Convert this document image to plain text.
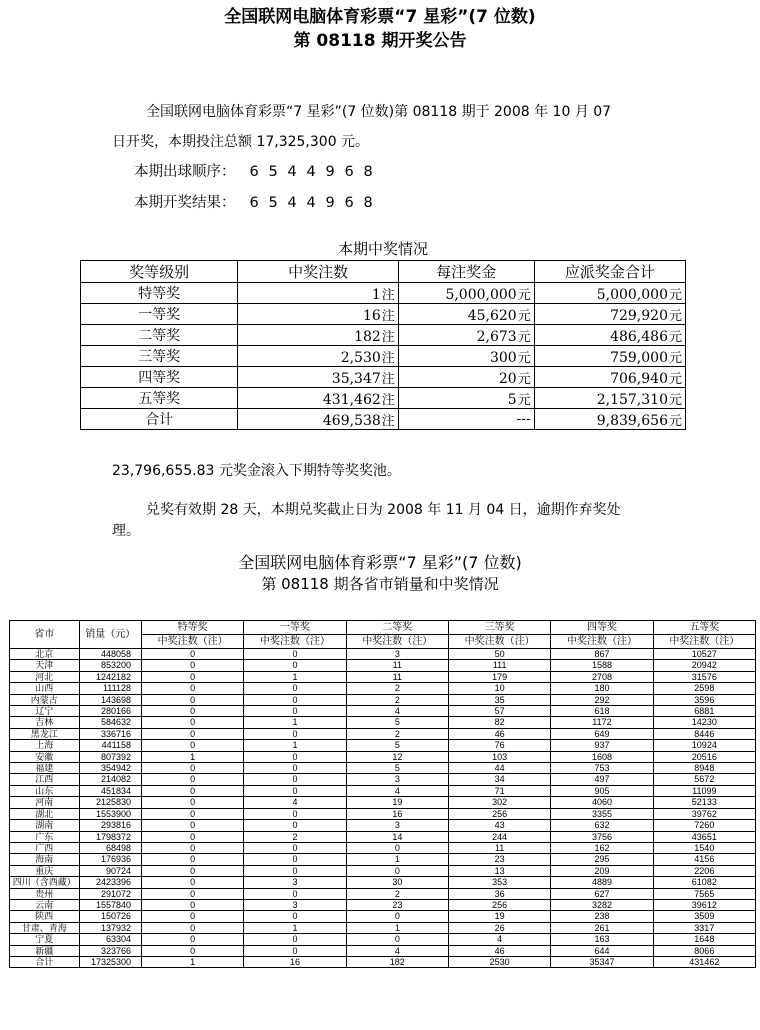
全国联网电脑体育彩票“7 星彩”(7 位数)
第 08118 期开奖公告
全国联网电脑体育彩票“7 星彩”(7 位数)第 08118 期于 2008 年 10 月 07
日开奖，本期投注总额 17,325,300 元。
本期出球顺序： 6 5 4 4 9 6 8
本期开奖结果： 6 5 4 4 9 6 8
本期中奖情况
奖等级别	中奖注数	每注奖金	应派奖金合计
特等奖	1注	5,000,000元	5,000,000元
一等奖	16注	45,620元	729,920元
二等奖	182注	2,673元	486,486元
三等奖	2,530注	300元	759,000元
四等奖	35,347注	20元	706,940元
五等奖	431,462注	5元	2,157,310元
合计	469,538注	---	9,839,656元
23,796,655.83 元奖金滚入下期特等奖奖池。
兑奖有效期 28 天，本期兑奖截止日为 2008 年 11 月 04 日，逾期作弃奖处
理。
全国联网电脑体育彩票“7 星彩”(7 位数)
第 08118 期各省市销量和中奖情况
省市	销量（元）	特等奖	一等奖	二等奖	三等奖	四等奖	五等奖
		中奖注数（注）	中奖注数（注）	中奖注数（注）	中奖注数（注）	中奖注数（注）	中奖注数（注）
北京	448058	0	0	3	50	867	10527
天津	853200	0	0	11	111	1588	20942
河北	1242182	0	1	11	179	2708	31576
山西	111128	0	0	2	10	180	2598
内蒙古	143698	0	0	2	35	292	3596
辽宁	280166	0	0	4	57	618	6881
吉林	584632	0	1	5	82	1172	14230
黑龙江	336716	0	0	2	46	649	8446
上海	441158	0	1	5	76	937	10924
安徽	807392	1	0	12	103	1608	20516
福建	354942	0	0	5	44	753	8948
江西	214082	0	0	3	34	497	5672
山东	451834	0	0	4	71	905	11099
河南	2125830	0	4	19	302	4060	52133
湖北	1553900	0	0	16	256	3355	39762
湖南	293816	0	0	3	43	632	7260
广东	1798372	0	2	14	244	3756	43651
广西	68498	0	0	0	11	162	1540
海南	176936	0	0	1	23	295	4156
重庆	90724	0	0	0	13	209	2206
四川（含西藏）	2423396	0	3	30	353	4889	61082
贵州	291072	0	0	2	36	627	7565
云南	1557840	0	3	23	256	3282	39612
陕西	150726	0	0	0	19	238	3509
甘肃、青海	137932	0	1	1	26	261	3317
宁夏	63304	0	0	0	4	163	1648
新疆	323766	0	0	4	46	644	8066
合计	17325300	1	16	182	2530	35347	431462
